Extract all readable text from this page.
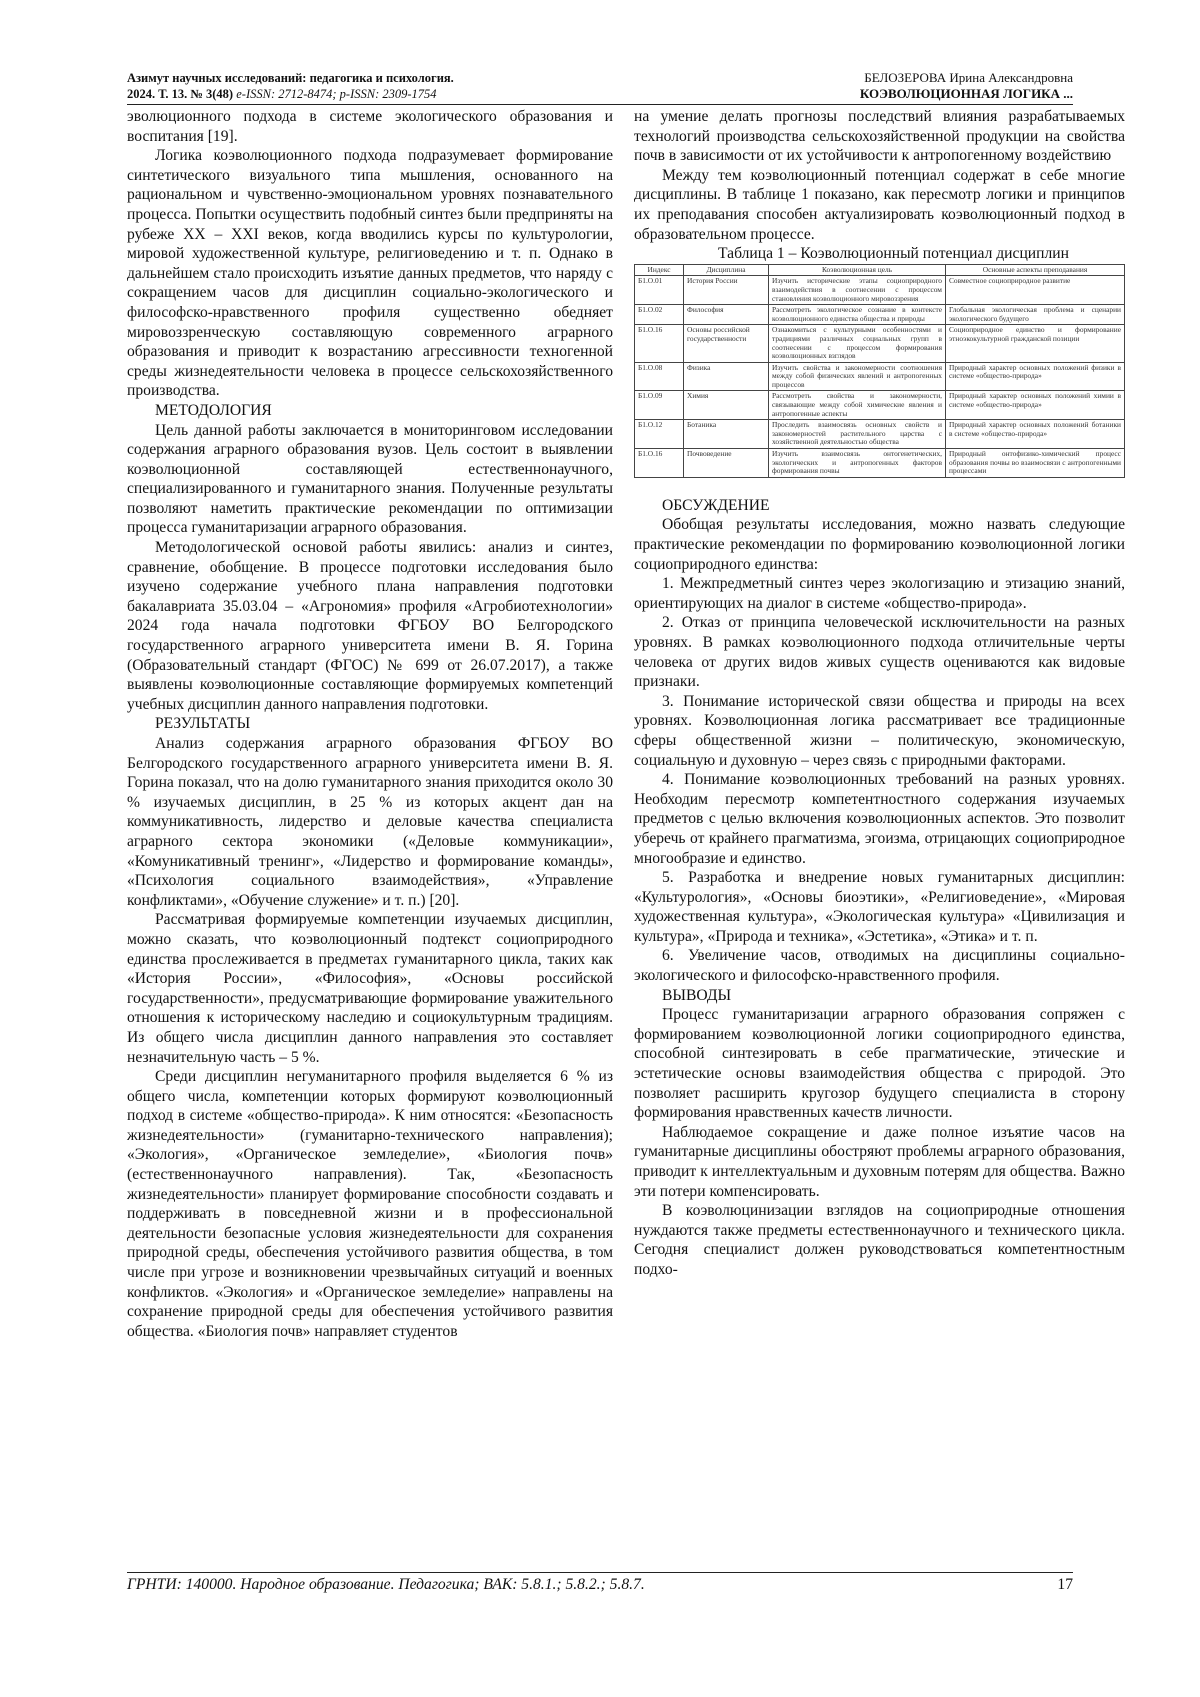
Азимут научных исследований: педагогика и психология.
2024. Т. 13. № 3(48) e-ISSN: 2712-8474; p-ISSN: 2309-1754
БЕЛОЗЕРОВА Ирина Александровна
КОЭВОЛЮЦИОННАЯ ЛОГИКА ...

эволюционного подхода в системе экологического образования и воспитания [19].

Логика коэволюционного подхода подразумевает формирование синтетического визуального типа мышления, основанного на рациональном и чувственно-эмоциональном уровнях познавательного процесса. Попытки осуществить подобный синтез были предприняты на рубеже XX – XXI веков, когда вводились курсы по культурологии, мировой художественной культуре, религиоведению и т. п. Однако в дальнейшем стало происходить изъятие данных предметов, что наряду с сокращением часов для дисциплин социально-экологического и философско-нравственного профиля существенно обедняет мировоззренческую составляющую современного аграрного образования и приводит к возрастанию агрессивности техногенной среды жизнедеятельности человека в процессе сельскохозяйственного производства.

МЕТОДОЛОГИЯ

Цель данной работы заключается в мониторинговом исследовании содержания аграрного образования вузов. Цель состоит в выявлении коэволюционной составляющей естественнонаучного, специализированного и гуманитарного знания. Полученные результаты позволяют наметить практические рекомендации по оптимизации процесса гуманитаризации аграрного образования.

Методологической основой работы явились: анализ и синтез, сравнение, обобщение. В процессе подготовки исследования было изучено содержание учебного плана направления подготовки бакалавриата 35.03.04 – «Агрономия» профиля «Агробиотехнологии» 2024 года начала подготовки ФГБОУ ВО Белгородского государственного аграрного университета имени В. Я. Горина (Образовательный стандарт (ФГОС) № 699 от 26.07.2017), а также выявлены коэволюционные составляющие формируемых компетенций учебных дисциплин данного направления подготовки.

РЕЗУЛЬТАТЫ

Анализ содержания аграрного образования ФГБОУ ВО Белгородского государственного аграрного университета имени В. Я. Горина показал, что на долю гуманитарного знания приходится около 30 % изучаемых дисциплин, в 25 % из которых акцент дан на коммуникативность, лидерство и деловые качества специалиста аграрного сектора экономики («Деловые коммуникации», «Комуникативный тренинг», «Лидерство и формирование команды», «Психология социального взаимодействия», «Управление конфликтами», «Обучение служение» и т. п.) [20].

Рассматривая формируемые компетенции изучаемых дисциплин, можно сказать, что коэволюционный подтекст социоприродного единства прослеживается в предметах гуманитарного цикла, таких как «История России», «Философия», «Основы российской государственности», предусматривающие формирование уважительного отношения к историческому наследию и социокультурным традициям. Из общего числа дисциплин данного направления это составляет незначительную часть – 5 %.

Среди дисциплин негуманитарного профиля выделяется 6 % из общего числа, компетенции которых формируют коэволюционный подход в системе «общество-природа». К ним относятся: «Безопасность жизнедеятельности» (гуманитарно-технического направления); «Экология», «Органическое земледелие», «Биология почв» (естественнонаучного направления). Так, «Безопасность жизнедеятельности» планирует формирование способности создавать и поддерживать в повседневной жизни и в профессиональной деятельности безопасные условия жизнедеятельности для сохранения природной среды, обеспечения устойчивого развития общества, в том числе при угрозе и возникновении чрезвычайных ситуаций и военных конфликтов. «Экология» и «Органическое земледелие» направлены на сохранение природной среды для обеспечения устойчивого развития общества. «Биология почв» направляет студентов

на умение делать прогнозы последствий влияния разрабатываемых технологий производства сельскохозяйственной продукции на свойства почв в зависимости от их устойчивости к антропогенному воздействию

Между тем коэволюционный потенциал содержат в себе многие дисциплины. В таблице 1 показано, как пересмотр логики и принципов их преподавания способен актуализировать коэволюционный подход в образовательном процессе.

Таблица 1 – Коэволюционный потенциал дисциплин

Индекс	Дисциплина	Коэволюционная цель	Основные аспекты преподавания
Б1.О.01	История России	Изучить исторические этапы социоприродного взаимодействия в соотнесении с процессом становления коэволюционного мировоззрения	Совместное социоприродное развитие
Б1.О.02	Философия	Рассмотреть экологическое сознание в контексте коэволюционного единства общества и природы	Глобальная экологическая проблема и сценарии экологического будущего
Б1.О.16	Основы российской государственности	Ознакомиться с культурными особенностями и традициями различных социальных групп в соотнесении с процессом формирования коэволюционных взглядов	Социоприродное единство и формирование этноэкокультурной гражданской позиции
Б1.О.08	Физика	Изучить свойства и закономерности соотношения между собой физических явлений и антропогенных процессов	Природный характер основных положений физики в системе «общество-природа»
Б1.О.09	Химия	Рассмотреть свойства и закономерности, связывающие между собой химические явления и антропогенные аспекты	Природный характер основных положений химии в системе «общество-природа»
Б1.О.12	Ботаника	Проследить взаимосвязь основных свойств и закономерностей растительного царства с хозяйственной деятельностью общества	Природный характер основных положений ботаники в системе «общество-природа»
Б1.О.16	Почвоведение	Изучить взаимосвязь онтогенетических, экологических и антропогенных факторов формирования почвы	Природный онтофизико-химический процесс образования почвы во взаимосвязи с антропогенными процессами
ОБСУЖДЕНИЕ

Обобщая результаты исследования, можно назвать следующие практические рекомендации по формированию коэволюционной логики социоприродного единства:

1. Межпредметный синтез через экологизацию и этизацию знаний, ориентирующих на диалог в системе «общество-природа».

2. Отказ от принципа человеческой исключительности на разных уровнях. В рамках коэволюционного подхода отличительные черты человека от других видов живых существ оцениваются как видовые признаки.

3. Понимание исторической связи общества и природы на всех уровнях. Коэволюционная логика рассматривает все традиционные сферы общественной жизни – политическую, экономическую, социальную и духовную – через связь с природными факторами.

4. Понимание коэволюционных требований на разных уровнях. Необходим пересмотр компетентностного содержания изучаемых предметов с целью включения коэволюционных аспектов. Это позволит уберечь от крайнего прагматизма, эгоизма, отрицающих социоприродное многообразие и единство.

5. Разработка и внедрение новых гуманитарных дисциплин: «Культурология», «Основы биоэтики», «Религиоведение», «Мировая художественная культура», «Экологическая культура» «Цивилизация и культура», «Природа и техника», «Эстетика», «Этика» и т. п.

6. Увеличение часов, отводимых на дисциплины социально-экологического и философско-нравственного профиля.

ВЫВОДЫ

Процесс гуманитаризации аграрного образования сопряжен с формированием коэволюционной логики социоприродного единства, способной синтезировать в себе прагматические, этические и эстетические основы взаимодействия общества с природой. Это позволяет расширить кругозор будущего специалиста в сторону формирования нравственных качеств личности.

Наблюдаемое сокращение и даже полное изъятие часов на гуманитарные дисциплины обостряют проблемы аграрного образования, приводит к интеллектуальным и духовным потерям для общества. Важно эти потери компенсировать.

В коэволюцинизации взглядов на социоприродные отношения нуждаются также предметы естественнонаучного и технического цикла. Сегодня специалист должен руководствоваться компетентностным подхо-

ГРНТИ: 140000. Народное образование. Педагогика; ВАК: 5.8.1.; 5.8.2.; 5.8.7.	17
